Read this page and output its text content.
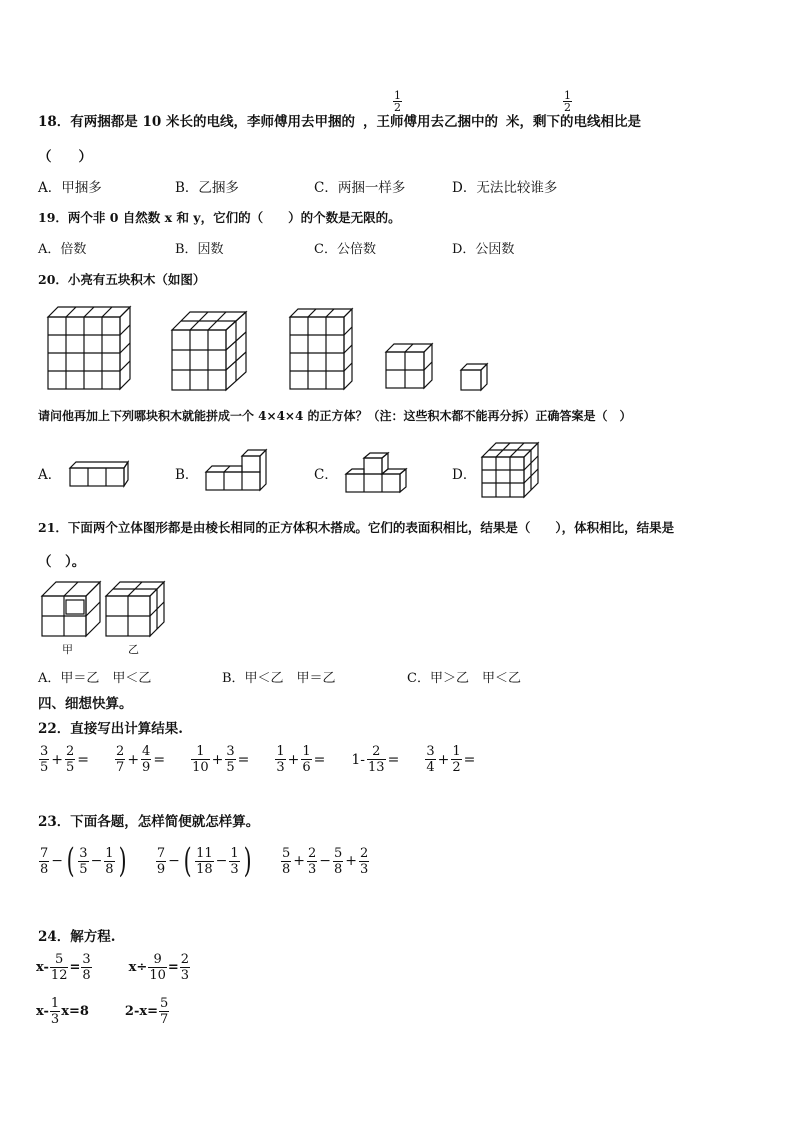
$\frac{1}{2}$	$\frac{1}{2}$
18．有两捆都是 10 米长的电线，李师傅用去甲捆的 ，王师傅用去乙捆中的 米，剩下的电线相比是
（　　）
A．甲捆多	B．乙捆多	C．两捆一样多	D．无法比较谁多
19．两个非 0 自然数 x 和 y，它们的（　　）的个数是无限的。
A．倍数	B．因数	C．公倍数	D．公因数
20．小亮有五块积木（如图）
请问他再加上下列哪块积木就能拼成一个 4×4×4 的正方体？（注：这些积木都不能再分拆）正确答案是（　）
A．	B．	C．	D．
21．下面两个立体图形都是由棱长相同的正方体积木搭成。它们的表面积相比，结果是（　　），体积相比，结果是
（　）。
甲	乙
A．甲＝乙　甲＜乙	B．甲＜乙　甲＝乙	C．甲＞乙　甲＜乙
四、细想快算。
22．直接写出计算结果.
$\frac{3}{5} + \frac{2}{5} = \frac{2}{7} + \frac{4}{9} = \frac{1}{10} + \frac{3}{5} = \frac{1}{3} + \frac{1}{6} = 1- \frac{2}{13} = \frac{3}{4} + \frac{1}{2}$ =
23．下面各题，怎样简便就怎样算。
$\frac{7}{8}$ − ( $\frac{3}{5} - \frac{1}{8}$ ) $\frac{7}{9}$ − ( $\frac{11}{18} - \frac{1}{3}$ ) $\frac{5}{8} + \frac{2}{3} - \frac{5}{8} + \frac{2}{3}$
24．解方程.
$x- \frac{5}{12} = \frac{3}{8}$	$x\div \frac{9}{10} = \frac{2}{3}$
$x- \frac{1}{3} x=8$	$2-x= \frac{5}{7}$
